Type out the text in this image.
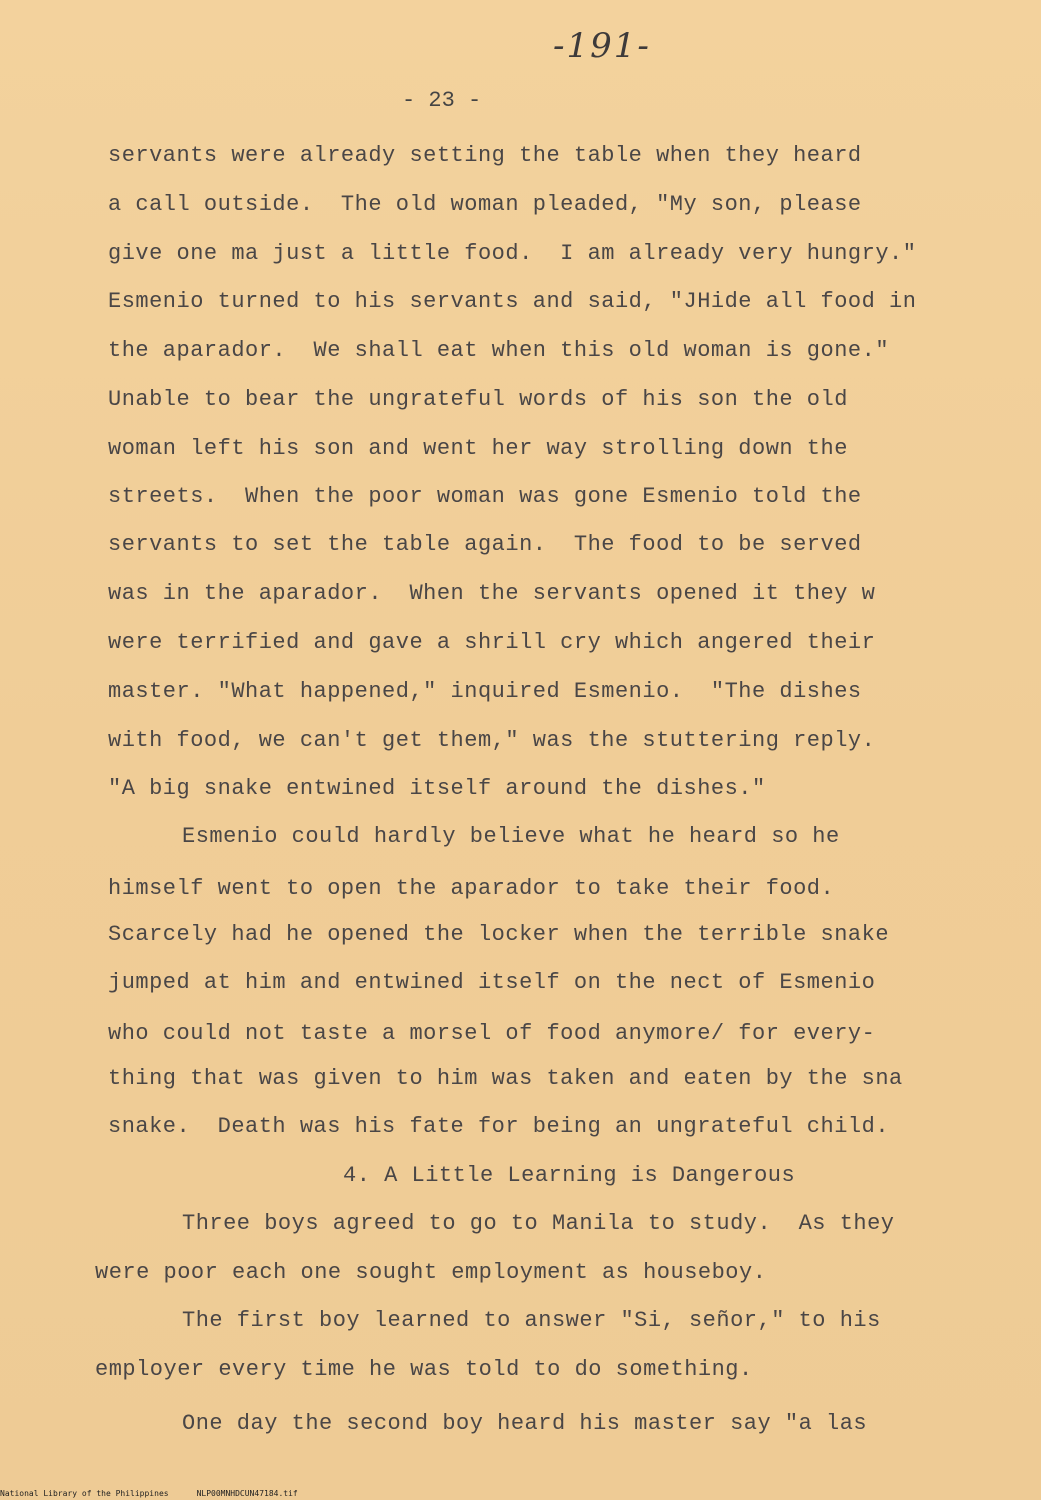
-191-
- 23 -
servants were already setting the table when they heard
a call outside.  The old woman pleaded, "My son, please
give one ma just a little food.  I am already very hungry."
Esmenio turned to his servants and said, "JHide all food in
the aparador.  We shall eat when this old woman is gone."
Unable to bear the ungrateful words of his son the old
woman left his son and went her way strolling down the
streets.  When the poor woman was gone Esmenio told the
servants to set the table again.  The food to be served
was in the aparador.  When the servants opened it they w
were terrified and gave a shrill cry which angered their
master. "What happened," inquired Esmenio.  "The dishes
with food, we can't get them," was the stuttering reply.
"A big snake entwined itself around the dishes."
Esmenio could hardly believe what he heard so he
himself went to open the aparador to take their food.
Scarcely had he opened the locker when the terrible snake
jumped at him and entwined itself on the nect of Esmenio
who could not taste a morsel of food anymore/ for every-
thing that was given to him was taken and eaten by the sna
snake.  Death was his fate for being an ungrateful child.
4. A Little Learning is Dangerous
Three boys agreed to go to Manila to study.  As they
were poor each one sought employment as houseboy.
The first boy learned to answer "Si, señor," to his
employer every time he was told to do something.
One day the second boy heard his master say "a las
National Library of the Philippines	NLP00MNHDCUN47184.tif
